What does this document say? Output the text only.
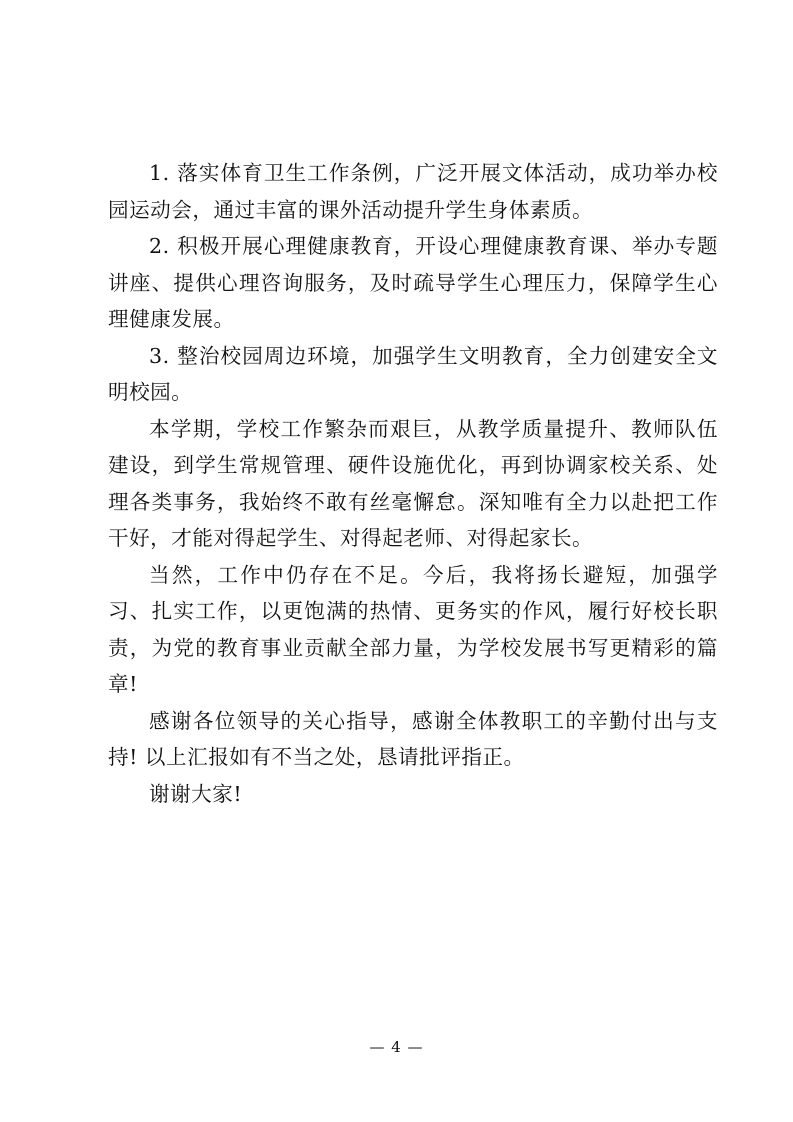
1. 落实体育卫生工作条例，广泛开展文体活动，成功举办校园运动会，通过丰富的课外活动提升学生身体素质。

2. 积极开展心理健康教育，开设心理健康教育课、举办专题讲座、提供心理咨询服务，及时疏导学生心理压力，保障学生心理健康发展。

3. 整治校园周边环境，加强学生文明教育，全力创建安全文明校园。

本学期，学校工作繁杂而艰巨，从教学质量提升、教师队伍建设，到学生常规管理、硬件设施优化，再到协调家校关系、处理各类事务，我始终不敢有丝毫懈怠。深知唯有全力以赴把工作干好，才能对得起学生、对得起老师、对得起家长。

当然，工作中仍存在不足。今后，我将扬长避短，加强学习、扎实工作，以更饱满的热情、更务实的作风，履行好校长职责，为党的教育事业贡献全部力量，为学校发展书写更精彩的篇章!

感谢各位领导的关心指导，感谢全体教职工的辛勤付出与支持! 以上汇报如有不当之处，恳请批评指正。

谢谢大家!

— 4 —
